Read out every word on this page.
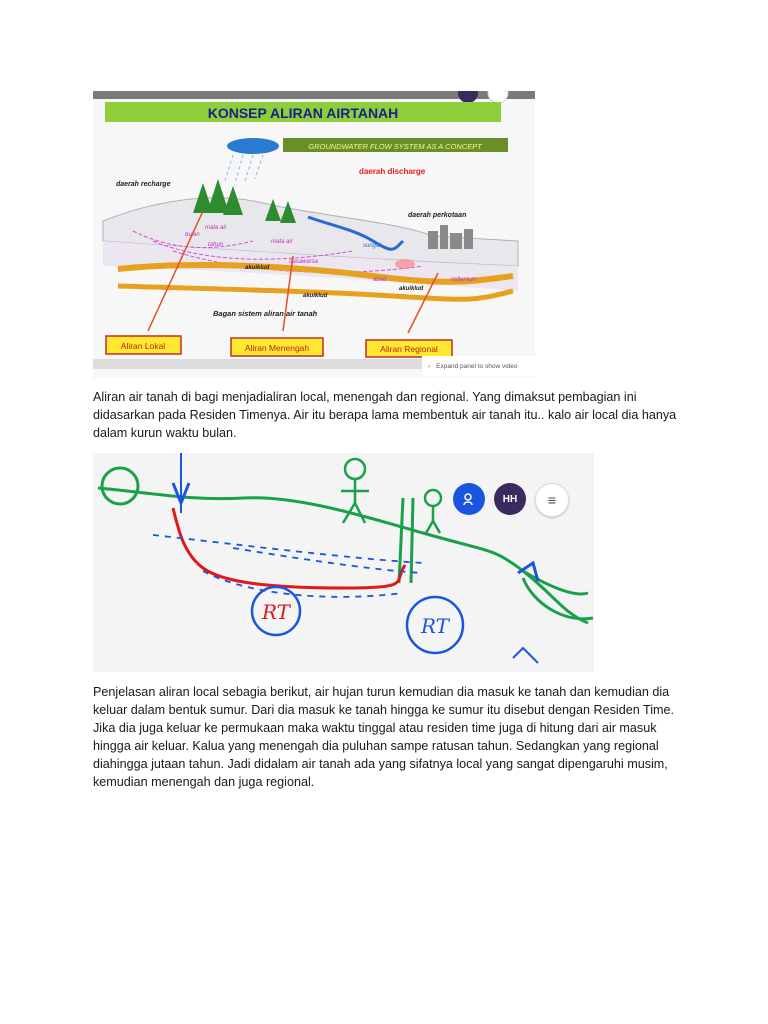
KONSEP ALIRAN AIRTANAH
GROUNDWATER FLOW SYSTEM AS A CONCEPT
daerah recharge
daerah discharge
daerah perkotaan
mata air
bulan
tahun	mata air
sungai
dasawarsa
akuiklud
abad	millenium
akuiklud
akuiklud
Bagan sistem aliran air tanah
Aliran Lokal	Aliran Menengah	Aliran Regional
› Expand panel to show video

Aliran air tanah di bagi menjadialiran local, menengah dan regional. Yang dimaksut pembagian ini didasarkan pada Residen Timenya. Air itu berapa lama membentuk air tanah itu.. kalo air local dia hanya dalam kurun waktu bulan.

RT
RT
HH	≡

Penjelasan aliran local sebagia berikut, air hujan turun kemudian dia masuk ke tanah dan kemudian dia keluar dalam bentuk sumur. Dari dia masuk ke tanah hingga ke sumur itu disebut dengan Residen Time. Jika dia juga keluar ke permukaan maka waktu tinggal atau residen time juga di hitung dari air masuk hingga air keluar. Kalua yang menengah dia puluhan sampe ratusan tahun. Sedangkan yang regional diahingga jutaan tahun. Jadi didalam air tanah ada yang sifatnya local yang sangat dipengaruhi musim, kemudian menengah dan juga regional.
